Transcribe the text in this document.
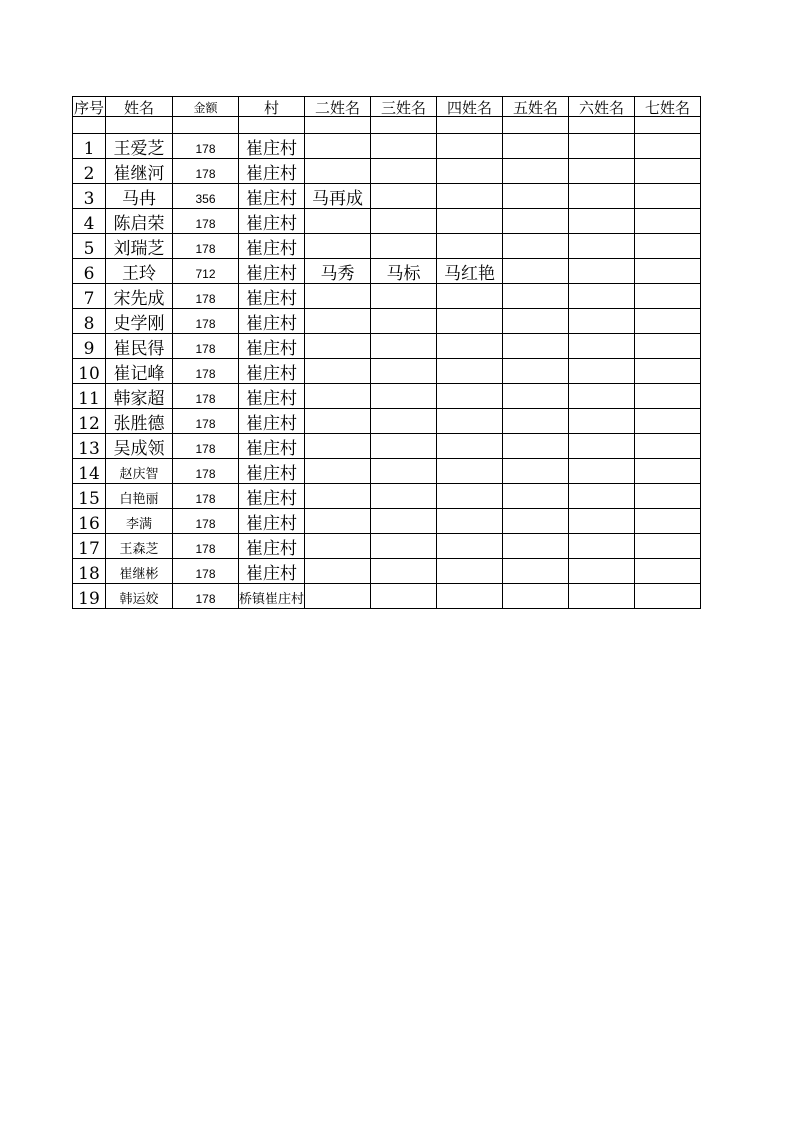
序号	姓名	金额	村	二姓名	三姓名	四姓名	五姓名	六姓名	七姓名

1	王爱芝	178	崔庄村						
2	崔继河	178	崔庄村						
3	马冉	356	崔庄村	马再成					
4	陈启荣	178	崔庄村						
5	刘瑞芝	178	崔庄村						
6	王玲	712	崔庄村	马秀	马标	马红艳			
7	宋先成	178	崔庄村						
8	史学刚	178	崔庄村						
9	崔民得	178	崔庄村						
10	崔记峰	178	崔庄村						
11	韩家超	178	崔庄村						
12	张胜德	178	崔庄村						
13	吴成领	178	崔庄村						
14	赵庆智	178	崔庄村						
15	白艳丽	178	崔庄村						
16	李满	178	崔庄村						
17	王森芝	178	崔庄村						
18	崔继彬	178	崔庄村						
19	韩运姣	178	桥镇崔庄村						
